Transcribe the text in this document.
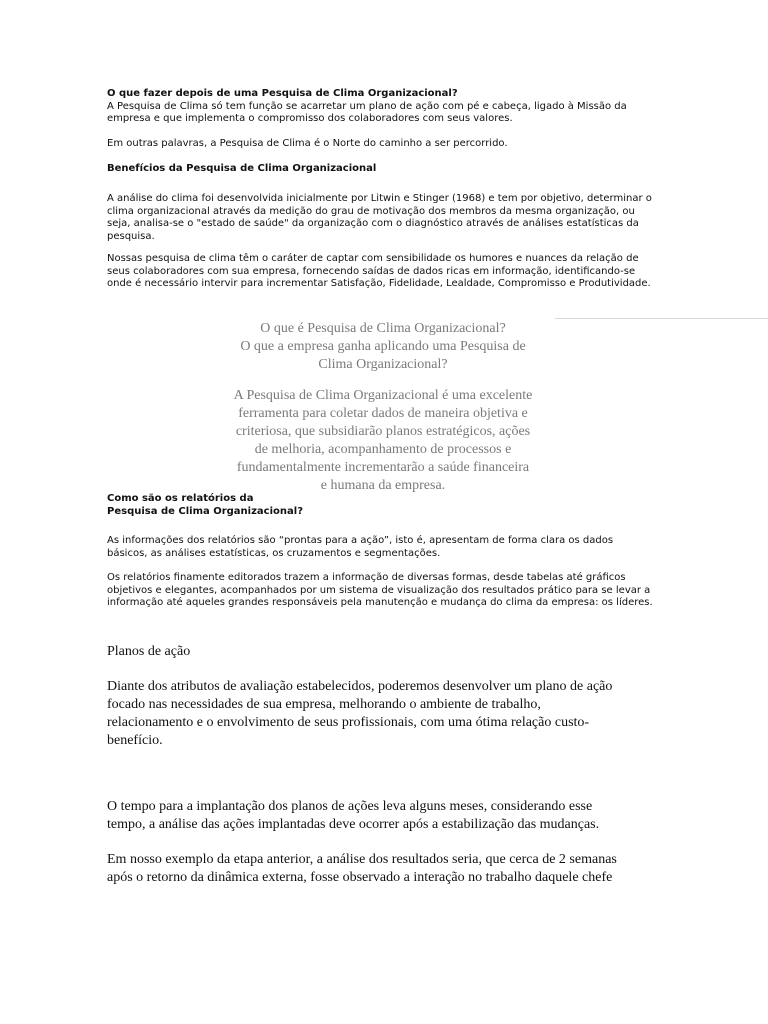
O que fazer depois de uma Pesquisa de Clima Organizacional?
A Pesquisa de Clima só tem função se acarretar um plano de ação com pé e cabeça, ligado à Missão da
empresa e que implementa o compromisso dos colaboradores com seus valores.
Em outras palavras, a Pesquisa de Clima é o Norte do caminho a ser percorrido.
Benefícios da Pesquisa de Clima Organizacional
A análise do clima foi desenvolvida inicialmente por Litwin e Stinger (1968) e tem por objetivo, determinar o
clima organizacional através da medição do grau de motivação dos membros da mesma organização, ou
seja, analisa-se o "estado de saúde" da organização com o diagnóstico através de análises estatísticas da
pesquisa.
Nossas pesquisa de clima têm o caráter de captar com sensibilidade os humores e nuances da relação de
seus colaboradores com sua empresa, fornecendo saídas de dados ricas em informação, identificando-se
onde é necessário intervir para incrementar Satisfação, Fidelidade, Lealdade, Compromisso e Produtividade.
O que é Pesquisa de Clima Organizacional?
O que a empresa ganha aplicando uma Pesquisa de
Clima Organizacional?
A Pesquisa de Clima Organizacional é uma excelente
ferramenta para coletar dados de maneira objetiva e
criteriosa, que subsidiarão planos estratégicos, ações
de melhoria, acompanhamento de processos e
fundamentalmente incrementarão a saúde financeira
e humana da empresa.
Como são os relatórios da
Pesquisa de Clima Organizacional?
As informações dos relatórios são “prontas para a ação”, isto é, apresentam de forma clara os dados
básicos, as análises estatísticas, os cruzamentos e segmentações.
Os relatórios finamente editorados trazem a informação de diversas formas, desde tabelas até gráficos
objetivos e elegantes, acompanhados por um sistema de visualização dos resultados prático para se levar a
informação até aqueles grandes responsáveis pela manutenção e mudança do clima da empresa: os líderes.
Planos de ação
Diante dos atributos de avaliação estabelecidos, poderemos desenvolver um plano de ação
focado nas necessidades de sua empresa, melhorando o ambiente de trabalho,
relacionamento e o envolvimento de seus profissionais, com uma ótima relação custo-
benefício.
O tempo para a implantação dos planos de ações leva alguns meses, considerando esse
tempo, a análise das ações implantadas deve ocorrer após a estabilização das mudanças.
Em nosso exemplo da etapa anterior, a análise dos resultados seria, que cerca de 2 semanas
após o retorno da dinâmica externa, fosse observado a interação no trabalho daquele chefe
